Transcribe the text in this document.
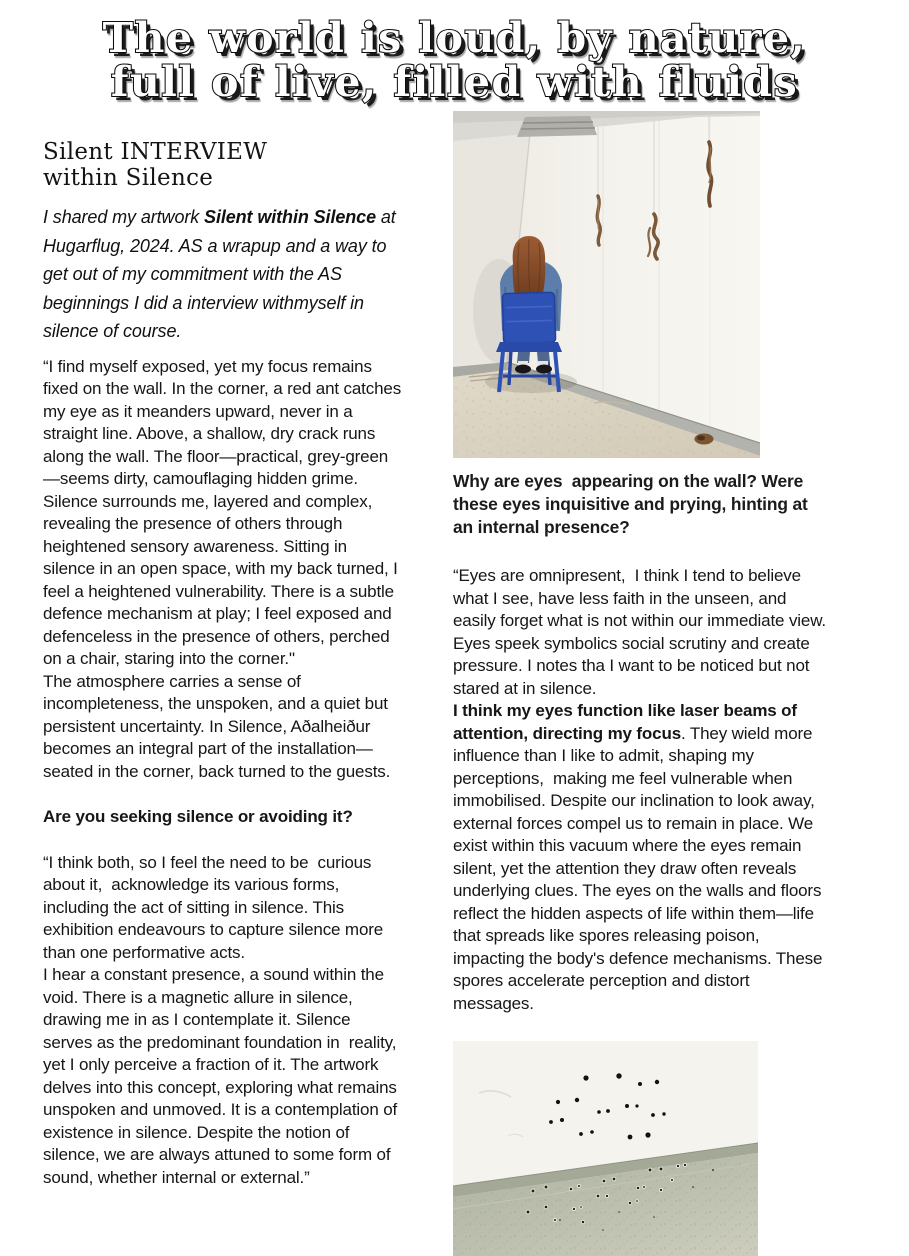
The world is loud, by nature,
full of live, filled with fluids
Silent INTERVIEW
within Silence

I shared my artwork Silent within Silence at Hugarflug, 2024. AS a wrapup and a way to get out of my commitment with the AS beginnings I did a interview withmyself in silence of course.

“I find myself exposed, yet my focus remains fixed on the wall. In the corner, a red ant catches my eye as it meanders upward, never in a straight line. Above, a shallow, dry crack runs along the wall. The floor—practical, grey-green—seems dirty, camouflaging hidden grime. Silence surrounds me, layered and complex, revealing the presence of others through heightened sensory awareness. Sitting in silence in an open space, with my back turned, I feel a heightened vulnerability. There is a subtle defence mechanism at play; I feel exposed and defenceless in the presence of others, perched on a chair, staring into the corner."

The atmosphere carries a sense of incompleteness, the unspoken, and a quiet but persistent uncertainty. In Silence, Aðalheiður becomes an integral part of the installation—seated in the corner, back turned to the guests.

Are you seeking silence or avoiding it?

“I think both, so I feel the need to be  curious about it,  acknowledge its various forms, including the act of sitting in silence. This exhibition endeavours to capture silence more than one performative acts.

I hear a constant presence, a sound within the void. There is a magnetic allure in silence, drawing me in as I contemplate it. Silence serves as the predominant foundation in  reality, yet I only perceive a fraction of it. The artwork delves into this concept, exploring what remains unspoken and unmoved. It is a contemplation of existence in silence. Despite the notion of silence, we are always attuned to some form of sound, whether internal or external.”

Why are eyes  appearing on the wall? Were these eyes inquisitive and prying, hinting at an internal presence?

“Eyes are omnipresent,  I think I tend to believe what I see, have less faith in the unseen, and easily forget what is not within our immediate view.  Eyes speek symbolics social scrutiny and create pressure. I notes tha I want to be noticed but not  stared at in silence.

I think my eyes function like laser beams of attention, directing my focus. They wield more influence than I like to admit, shaping my perceptions,  making me feel vulnerable when immobilised. Despite our inclination to look away, external forces compel us to remain in place. We exist within this vacuum where the eyes remain silent, yet the attention they draw often reveals underlying clues. The eyes on the walls and floors reflect the hidden aspects of life within them—life that spreads like spores releasing poison, impacting the body's defence mechanisms. These spores accelerate perception and distort messages.
